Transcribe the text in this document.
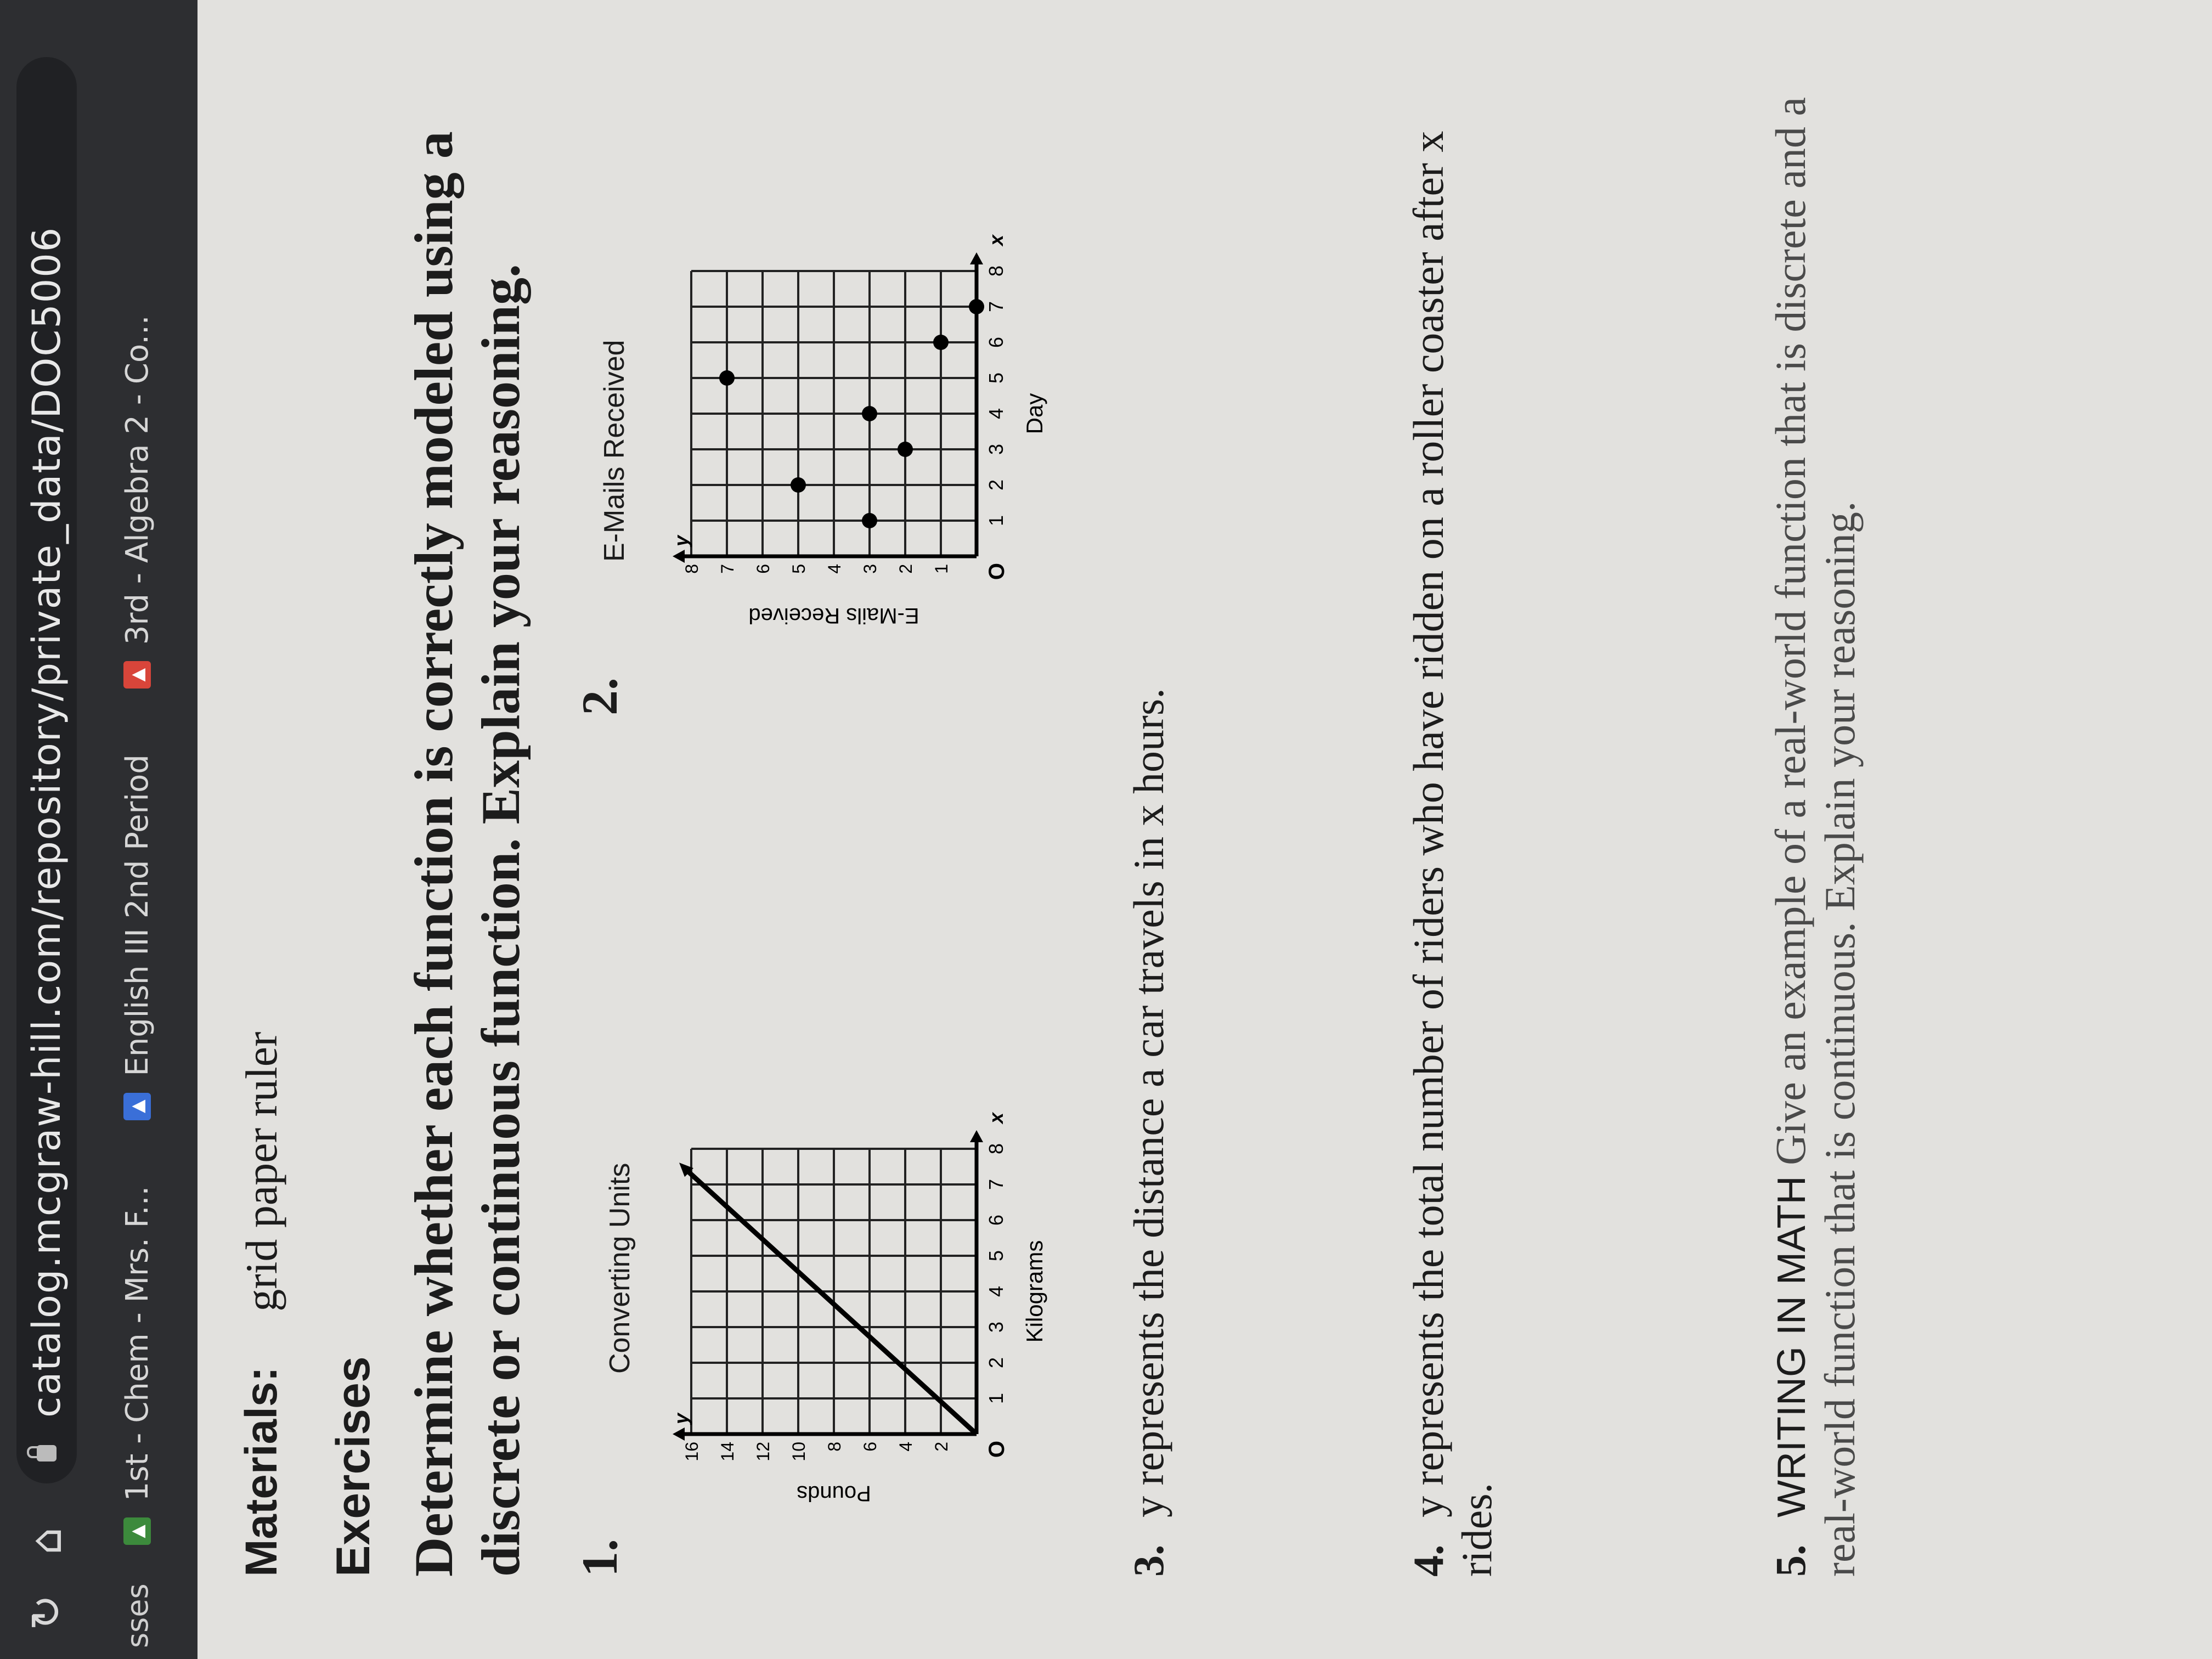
↻
⌂
catalog.mcgraw-hill.com/repository/private_data/DOC5006
sses
▲
1st - Chem - Mrs. F...
▲
English III 2nd Period
▲
3rd - Algebra 2 - Co...
Materials: grid paper ruler
Exercises Determine whether each function is correctly modeled using a discrete or continuous function. Explain your reasoning. 1.
Converting Units
1
2
3
4
5
6
7
8
2
4
6
8
10
12
14
16	O
x
y
Kilograms
Pounds
2.
E-Mails Received	1
2
3
4
5
6
7
8
1
2
3
4
5
6
7
8	O
x
y
Day
E-Mails Received
3. y represents the distance a car travels in x hours.
4. y represents the total number of riders who have ridden on a roller coaster after x rides.	5. WRITING IN MATH Give an example of a real-world function that is discrete and a real-world function that is continuous. Explain your reasoning.
